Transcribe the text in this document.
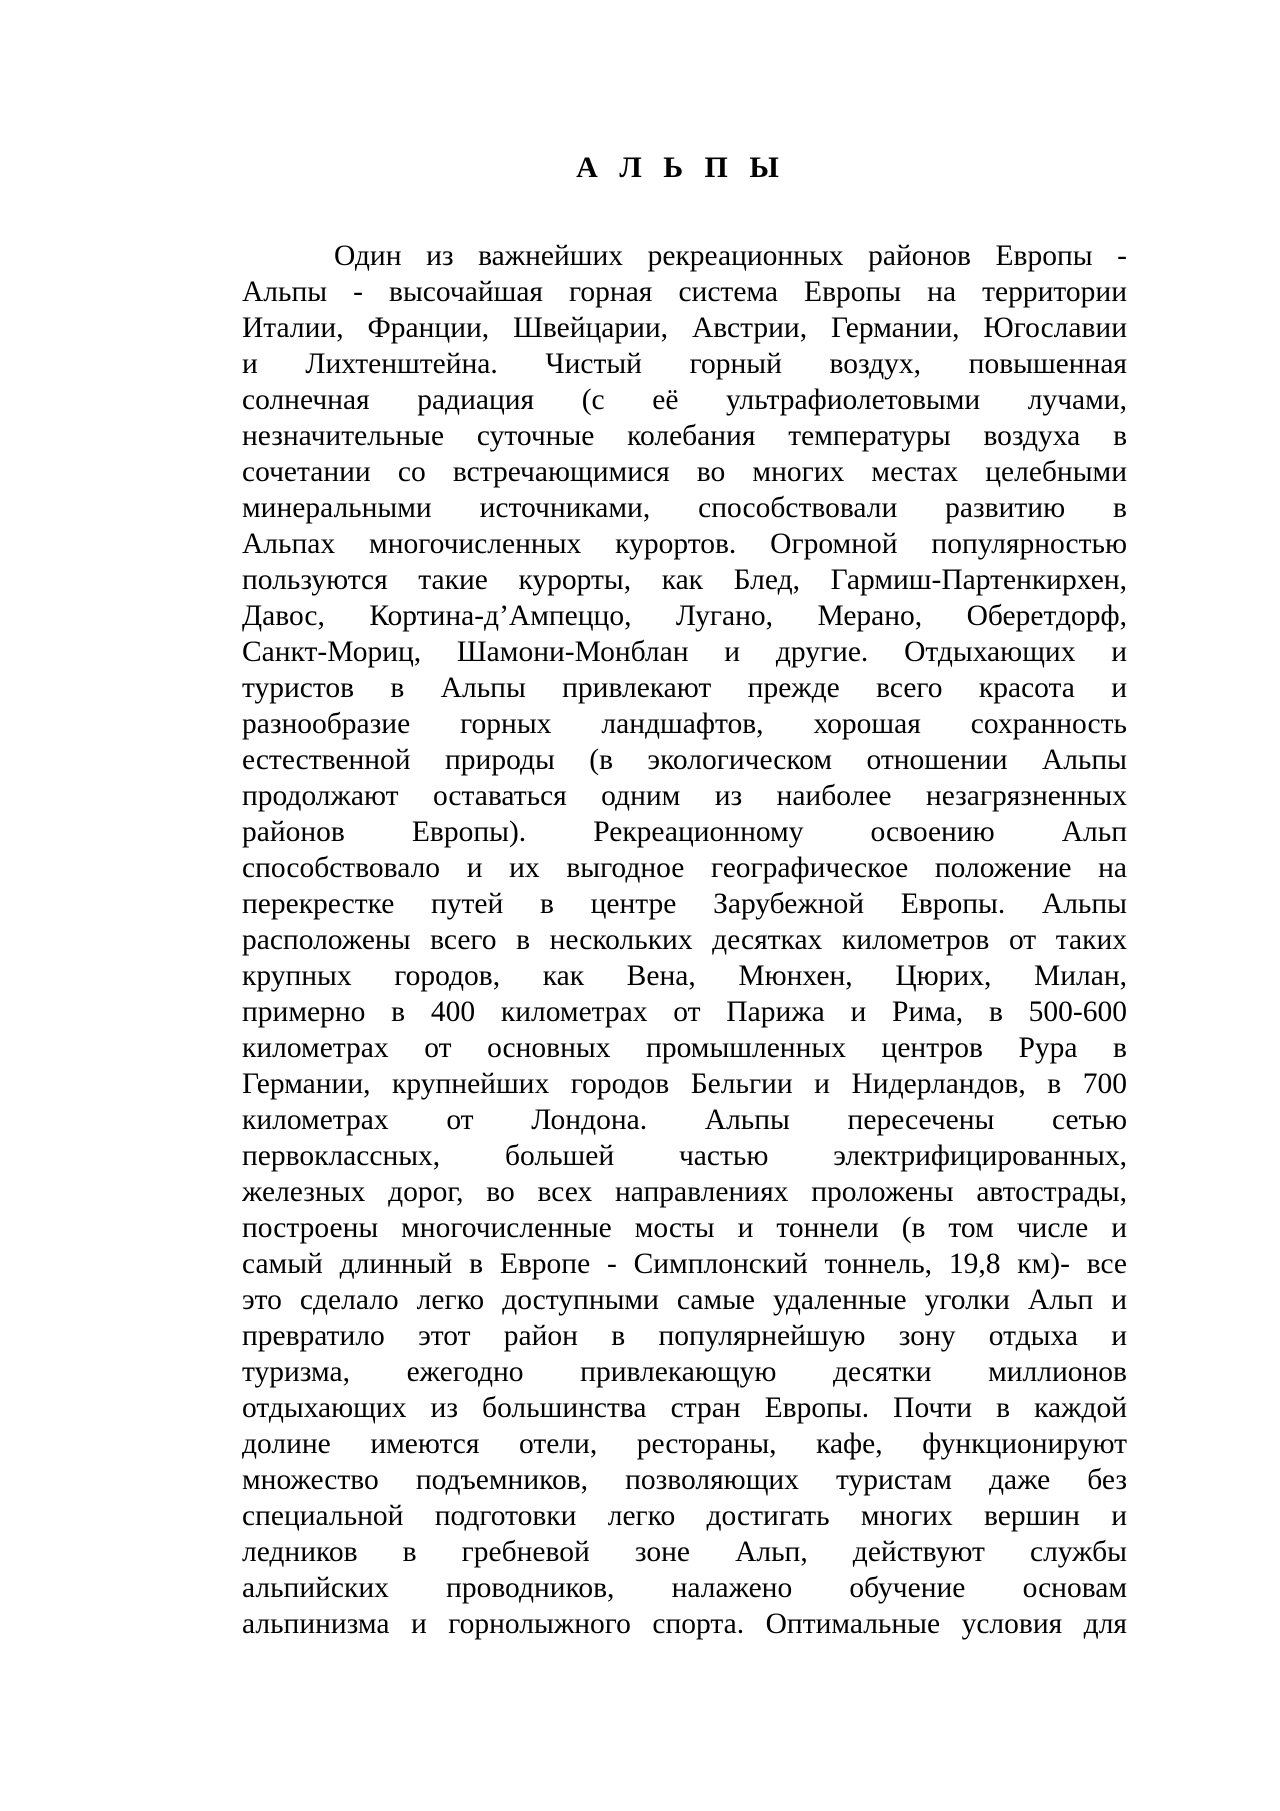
А Л Ь П Ы
Один из важнейших рекреационных районов Европы -
Альпы - высочайшая горная система Европы на территории
Италии, Франции, Швейцарии, Австрии, Германии, Югославии
и Лихтенштейна. Чистый горный воздух, повышенная
солнечная радиация (с её ультрафиолетовыми лучами,
незначительные суточные колебания температуры воздуха в
сочетании со встречающимися во многих местах целебными
минеральными источниками, способствовали развитию в
Альпах многочисленных курортов. Огромной популярностью
пользуются такие курорты, как Блед, Гармиш-Партенкирхен,
Давос, Кортина-д’Ампеццо, Лугано, Мерано, Оберетдорф,
Санкт-Мориц, Шамони-Монблан и другие. Отдыхающих и
туристов в Альпы привлекают прежде всего красота и
разнообразие горных ландшафтов, хорошая сохранность
естественной природы (в экологическом отношении Альпы
продолжают оставаться одним из наиболее незагрязненных
районов Европы). Рекреационному освоению Альп
способствовало и их выгодное географическое положение на
перекрестке путей в центре Зарубежной Европы. Альпы
расположены всего в нескольких десятках километров от таких
крупных городов, как Вена, Мюнхен, Цюрих, Милан,
примерно в 400 километрах от Парижа и Рима, в 500-600
километрах от основных промышленных центров Рура в
Германии, крупнейших городов Бельгии и Нидерландов, в 700
километрах от Лондона. Альпы пересечены сетью
первоклассных, большей частью электрифицированных,
железных дорог, во всех направлениях проложены автострады,
построены многочисленные мосты и тоннели (в том числе и
самый длинный в Европе - Симплонский тоннель, 19,8 км)- все
это сделало легко доступными самые удаленные уголки Альп и
превратило этот район в популярнейшую зону отдыха и
туризма, ежегодно привлекающую десятки миллионов
отдыхающих из большинства стран Европы. Почти в каждой
долине имеются отели, рестораны, кафе, функционируют
множество подъемников, позволяющих туристам даже без
специальной подготовки легко достигать многих вершин и
ледников в гребневой зоне Альп, действуют службы
альпийских проводников, налажено обучение основам
альпинизма и горнолыжного спорта. Оптимальные условия для
